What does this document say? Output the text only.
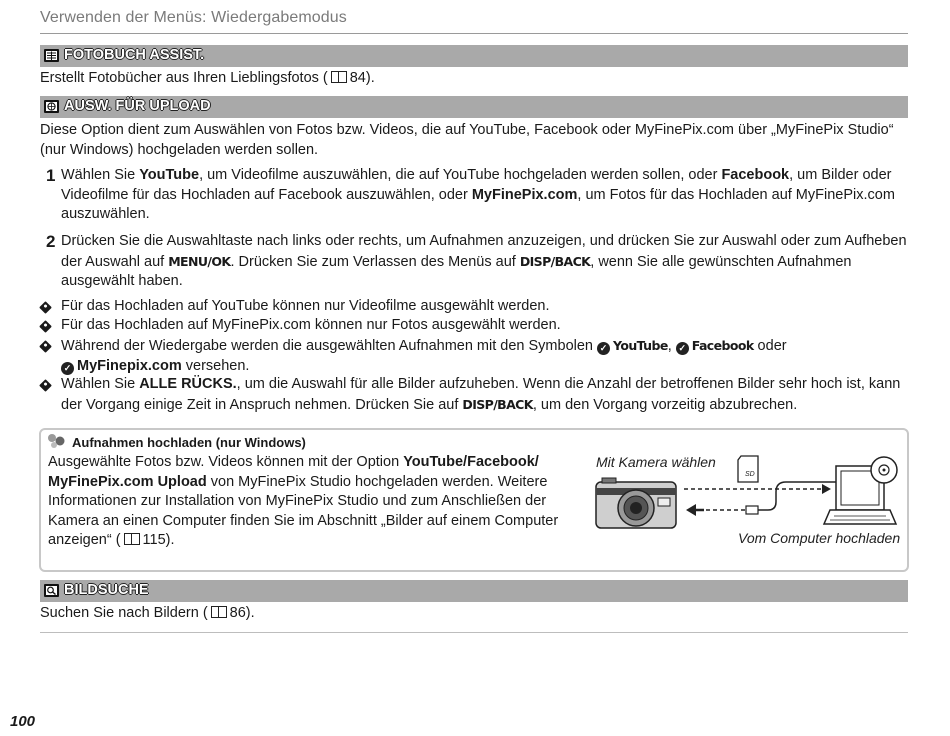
Verwenden der Menüs: Wiedergabemodus
FOTOBUCH ASSIST.
Erstellt Fotobücher aus Ihren Lieblingsfotos ( 84).
AUSW. FÜR UPLOAD
Diese Option dient zum Auswählen von Fotos bzw. Videos, die auf YouTube, Facebook oder MyFinePix.com über „MyFinePix Studio“ (nur Windows) hochgeladen werden sollen.
1 Wählen Sie YouTube, um Videofilme auszuwählen, die auf YouTube hochgeladen werden sollen, oder Facebook, um Bilder oder Videofilme für das Hochladen auf Facebook auszuwählen, oder MyFinePix.com, um Fotos für das Hochladen auf MyFinePix.com auszuwählen.
2 Drücken Sie die Auswahltaste nach links oder rechts, um Aufnahmen anzuzeigen, und drücken Sie zur Auswahl oder zum Aufheben der Auswahl auf MENU/OK. Drücken Sie zum Verlassen des Menüs auf DISP/BACK, wenn Sie alle gewünschten Aufnahmen ausgewählt haben.
Für das Hochladen auf YouTube können nur Videofilme ausgewählt werden.
Für das Hochladen auf MyFinePix.com können nur Fotos ausgewählt werden.
Während der Wiedergabe werden die ausgewählten Aufnahmen mit den Symbolen ✓ YouTube, ✓ Facebook oder
✓ MyFinepix.com versehen.
Wählen Sie ALLE RÜCKS., um die Auswahl für alle Bilder aufzuheben. Wenn die Anzahl der betroffenen Bilder sehr hoch ist, kann der Vorgang einige Zeit in Anspruch nehmen. Drücken Sie auf DISP/BACK, um den Vorgang vorzeitig abzubrechen.
Aufnahmen hochladen (nur Windows)
Ausgewählte Fotos bzw. Videos können mit der Option YouTube/Facebook/ MyFinePix.com Upload von MyFinePix Studio hochgeladen werden. Weitere Informationen zur Installation von MyFinePix Studio und zum Anschließen der Kamera an einen Computer finden Sie im Abschnitt „Bilder auf einem Computer anzeigen“ ( 115).
Mit Kamera wählen
Vom Computer hochladen
SD
BILDSUCHE
Suchen Sie nach Bildern ( 86).
100
